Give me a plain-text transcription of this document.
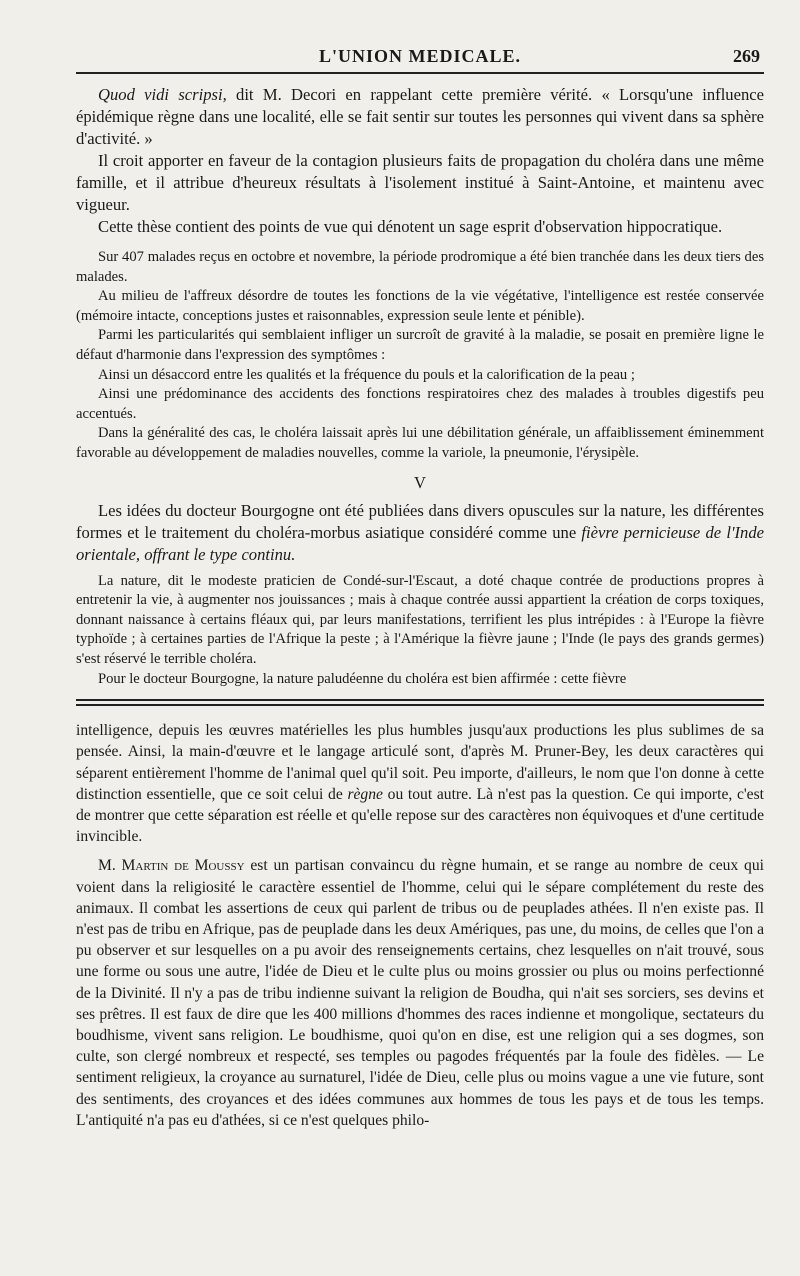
L'UNION MEDICALE.	269

Quod vidi scripsi, dit M. Decori en rappelant cette première vérité. « Lorsqu'une influence épidémique règne dans une localité, elle se fait sentir sur toutes les personnes qui vivent dans sa sphère d'activité. »

Il croit apporter en faveur de la contagion plusieurs faits de propagation du choléra dans une même famille, et il attribue d'heureux résultats à l'isolement institué à Saint-Antoine, et maintenu avec vigueur.

Cette thèse contient des points de vue qui dénotent un sage esprit d'observation hippocratique.

Sur 407 malades reçus en octobre et novembre, la période prodromique a été bien tranchée dans les deux tiers des malades.

Au milieu de l'affreux désordre de toutes les fonctions de la vie végétative, l'intelligence est restée conservée (mémoire intacte, conceptions justes et raisonnables, expression seule lente et pénible).

Parmi les particularités qui semblaient infliger un surcroît de gravité à la maladie, se posait en première ligne le défaut d'harmonie dans l'expression des symptômes :

Ainsi un désaccord entre les qualités et la fréquence du pouls et la calorification de la peau ;

Ainsi une prédominance des accidents des fonctions respiratoires chez des malades à troubles digestifs peu accentués.

Dans la généralité des cas, le choléra laissait après lui une débilitation générale, un affaiblissement éminemment favorable au développement de maladies nouvelles, comme la variole, la pneumonie, l'érysipèle.

V

Les idées du docteur Bourgogne ont été publiées dans divers opuscules sur la nature, les différentes formes et le traitement du choléra-morbus asiatique considéré comme une fièvre pernicieuse de l'Inde orientale, offrant le type continu.

La nature, dit le modeste praticien de Condé-sur-l'Escaut, a doté chaque contrée de productions propres à entretenir la vie, à augmenter nos jouissances ; mais à chaque contrée aussi appartient la création de corps toxiques, donnant naissance à certains fléaux qui, par leurs manifestations, terrifient les plus intrépides : à l'Europe la fièvre typhoïde ; à certaines parties de l'Afrique la peste ; à l'Amérique la fièvre jaune ; l'Inde (le pays des grands germes) s'est réservé le terrible choléra.

Pour le docteur Bourgogne, la nature paludéenne du choléra est bien affirmée : cette fièvre

intelligence, depuis les œuvres matérielles les plus humbles jusqu'aux productions les plus sublimes de sa pensée. Ainsi, la main-d'œuvre et le langage articulé sont, d'après M. Pruner-Bey, les deux caractères qui séparent entièrement l'homme de l'animal quel qu'il soit. Peu importe, d'ailleurs, le nom que l'on donne à cette distinction essentielle, que ce soit celui de règne ou tout autre. Là n'est pas la question. Ce qui importe, c'est de montrer que cette séparation est réelle et qu'elle repose sur des caractères non équivoques et d'une certitude invincible.

M. Martin de Moussy est un partisan convaincu du règne humain, et se range au nombre de ceux qui voient dans la religiosité le caractère essentiel de l'homme, celui qui le sépare complétement du reste des animaux. Il combat les assertions de ceux qui parlent de tribus ou de peuplades athées. Il n'en existe pas. Il n'est pas de tribu en Afrique, pas de peuplade dans les deux Amériques, pas une, du moins, de celles que l'on a pu observer et sur lesquelles on a pu avoir des renseignements certains, chez lesquelles on n'ait trouvé, sous une forme ou sous une autre, l'idée de Dieu et le culte plus ou moins grossier ou plus ou moins perfectionné de la Divinité. Il n'y a pas de tribu indienne suivant la religion de Boudha, qui n'ait ses sorciers, ses devins et ses prêtres. Il est faux de dire que les 400 millions d'hommes des races indienne et mongolique, sectateurs du boudhisme, vivent sans religion. Le boudhisme, quoi qu'on en dise, est une religion qui a ses dogmes, son culte, son clergé nombreux et respecté, ses temples ou pagodes fréquentés par la foule des fidèles. — Le sentiment religieux, la croyance au surnaturel, l'idée de Dieu, celle plus ou moins vague a une vie future, sont des sentiments, des croyances et des idées communes aux hommes de tous les pays et de tous les temps. L'antiquité n'a pas eu d'athées, si ce n'est quelques philo-
